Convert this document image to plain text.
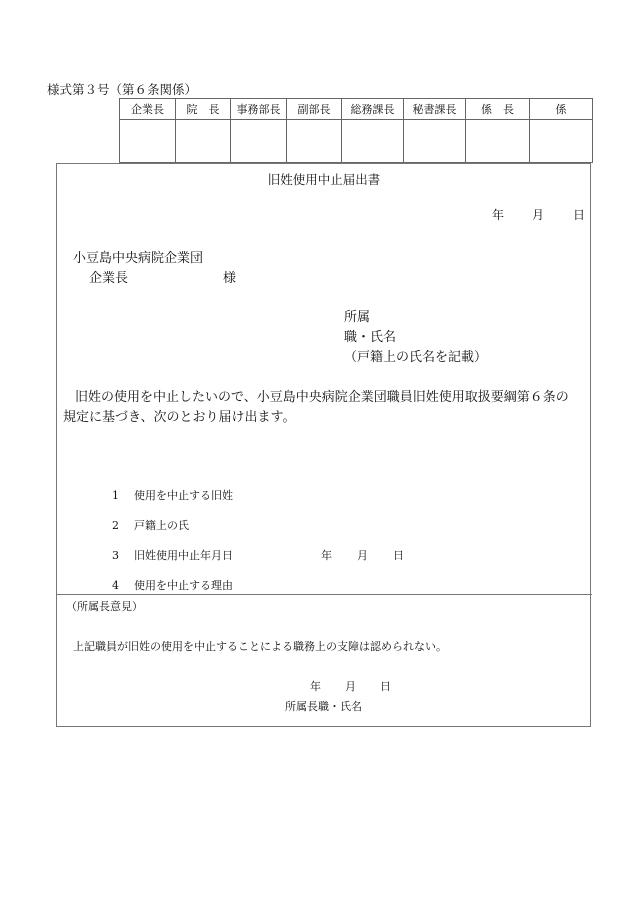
様式第３号（第６条関係）
企業長	院　長	事務部長	副部長	総務課長	秘書課長	係　長	係

旧姓使用中止届出書
年 月 日
小豆島中央病院企業団
企業長	様
所属
職・氏名
（戸籍上の氏名を記載）
旧姓の使用を中止したいので、小豆島中央病院企業団職員旧姓使用取扱要綱第６条の
規定に基づき、次のとおり届け出ます。
1 使用を中止する旧姓
2 戸籍上の氏
3 旧姓使用中止年月日	年 月 日
4 使用を中止する理由
（所属長意見）
上記職員が旧姓の使用を中止することによる職務上の支障は認められない。
年 月 日
所属長職・氏名
